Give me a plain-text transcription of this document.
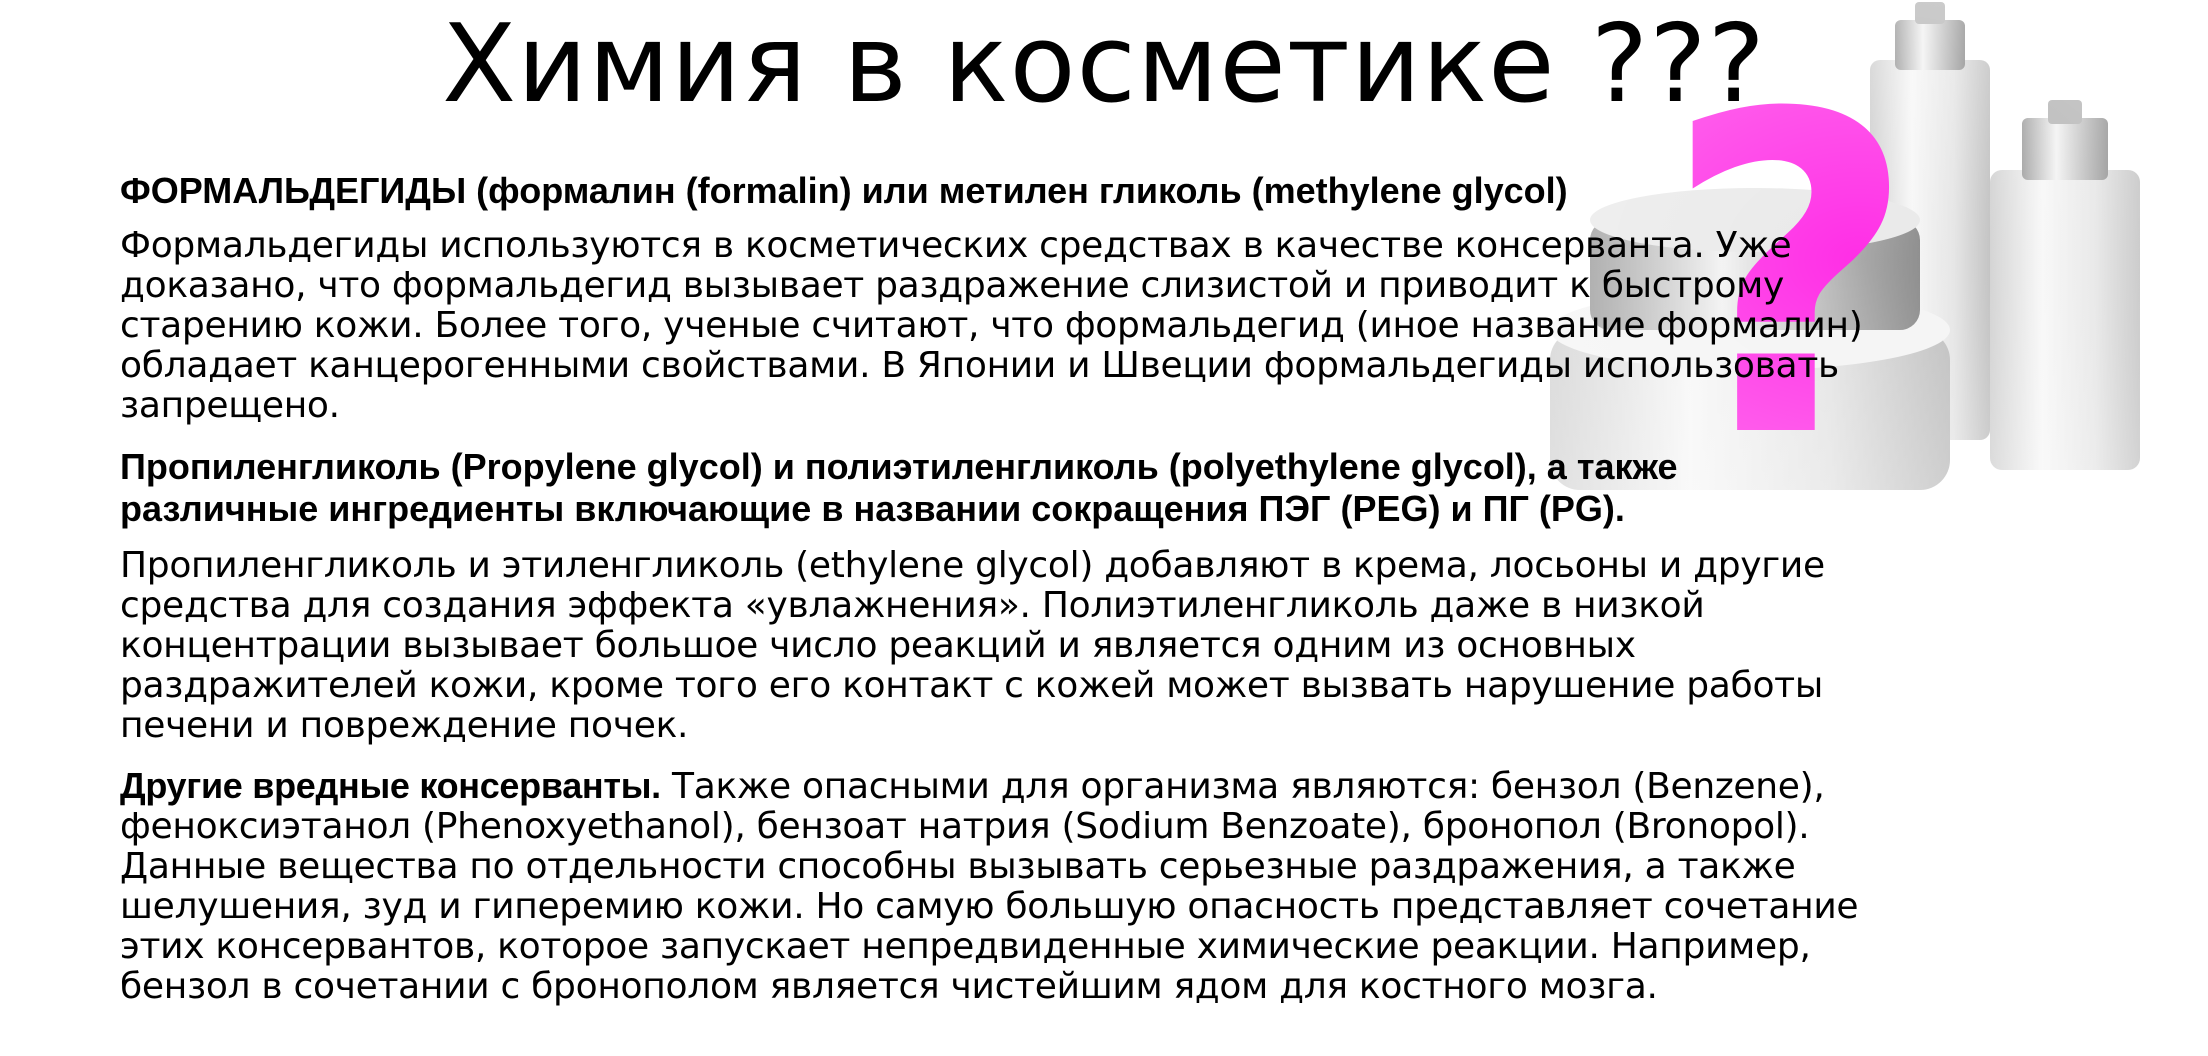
?
Химия в косметике ???

ФОРМАЛЬДЕГИДЫ (формалин (formalin) или метилен гликоль (methylene glycol)

Формальдегиды используются в косметических средствах в качестве консерванта. Уже
доказано, что формальдегид вызывает раздражение слизистой и приводит к быстрому
старению кожи. Более того, ученые считают, что формальдегид (иное название формалин)
обладает канцерогенными свойствами. В Японии и Швеции формальдегиды использовать
запрещено.
Пропиленгликоль (Propylene glycol) и полиэтиленгликоль (polyethylene glycol), а также
различные ингредиенты включающие в названии сокращения ПЭГ (PEG) и ПГ (PG).
Пропиленгликоль и этиленгликоль (ethylene glycol) добавляют в крема, лосьоны и другие
средства для создания эффекта «увлажнения». Полиэтиленгликоль даже в низкой
концентрации вызывает большое число реакций и является одним из основных
раздражителей кожи, кроме того его контакт с кожей может вызвать нарушение работы
печени и повреждение почек.
Другие вредные консерванты. Также опасными для организма являются: бензол (Benzene),
феноксиэтанол (Phenoxyethanol), бензоат натрия (Sodium Benzoate), бронопол (Bronopol).
Данные вещества по отдельности способны вызывать серьезные раздражения, а также
шелушения, зуд и гиперемию кожи. Но самую большую опасность представляет сочетание
этих консервантов, которое запускает непредвиденные химические реакции. Например,
бензол в сочетании с бронополом является чистейшим ядом для костного мозга.
